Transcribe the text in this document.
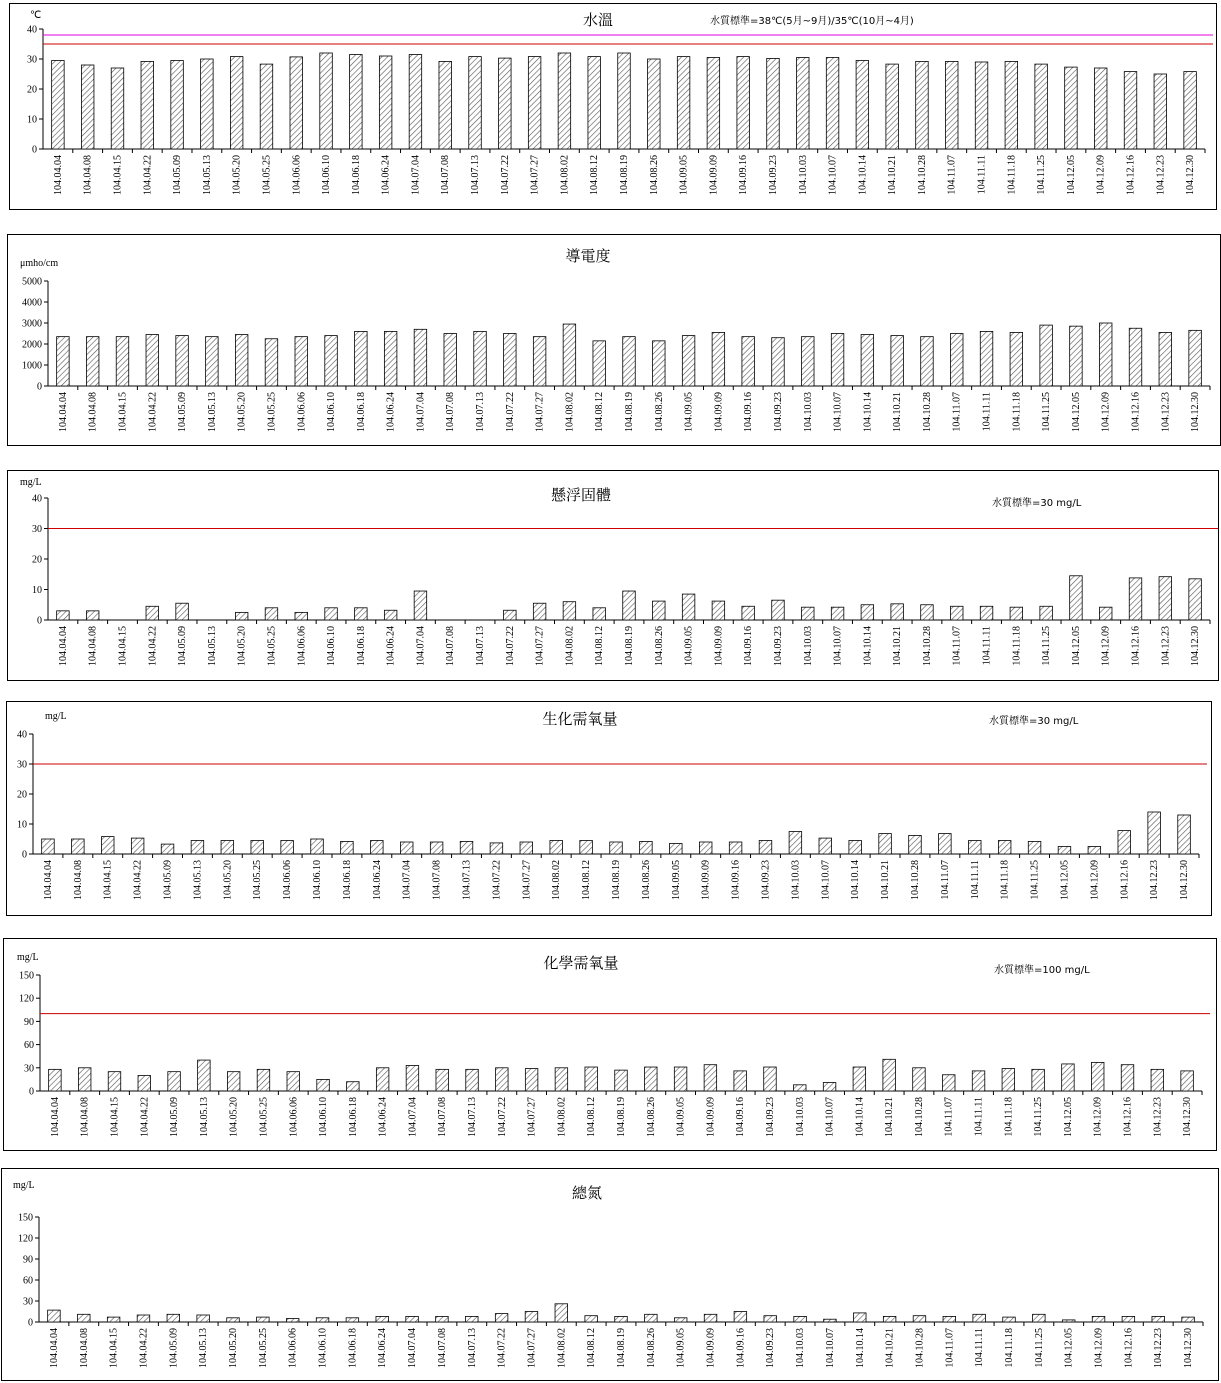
水溫	水質標準=38℃(5月~9月)/35℃(10月~4月)
℃
0
10
20
30
40
104.04.04 104.04.08 104.04.15 104.04.22 104.05.09 104.05.13 104.05.20 104.05.25 104.06.06 104.06.10 104.06.18 104.06.24 104.07.04 104.07.08 104.07.13 104.07.22 104.07.27 104.08.02 104.08.12 104.08.19 104.08.26 104.09.05 104.09.09 104.09.16 104.09.23 104.10.03 104.10.07 104.10.14 104.10.21 104.10.28 104.11.07 104.11.11 104.11.18 104.11.25 104.12.05 104.12.09 104.12.16 104.12.23 104.12.30
導電度
μmho/cm
0
1000
2000
3000
4000
5000
104.04.04 104.04.08 104.04.15 104.04.22 104.05.09 104.05.13 104.05.20 104.05.25 104.06.06 104.06.10 104.06.18 104.06.24 104.07.04 104.07.08 104.07.13 104.07.22 104.07.27 104.08.02 104.08.12 104.08.19 104.08.26 104.09.05 104.09.09 104.09.16 104.09.23 104.10.03 104.10.07 104.10.14 104.10.21 104.10.28 104.11.07 104.11.11 104.11.18 104.11.25 104.12.05 104.12.09 104.12.16 104.12.23 104.12.30
懸浮固體	水質標準=30 mg/L
mg/L
0
10
20
30
40
104.04.04 104.04.08 104.04.15 104.04.22 104.05.09 104.05.13 104.05.20 104.05.25 104.06.06 104.06.10 104.06.18 104.06.24 104.07.04 104.07.08 104.07.13 104.07.22 104.07.27 104.08.02 104.08.12 104.08.19 104.08.26 104.09.05 104.09.09 104.09.16 104.09.23 104.10.03 104.10.07 104.10.14 104.10.21 104.10.28 104.11.07 104.11.11 104.11.18 104.11.25 104.12.05 104.12.09 104.12.16 104.12.23 104.12.30
生化需氧量	水質標準=30 mg/L
mg/L
0
10
20
30
40
104.04.04 104.04.08 104.04.15 104.04.22 104.05.09 104.05.13 104.05.20 104.05.25 104.06.06 104.06.10 104.06.18 104.06.24 104.07.04 104.07.08 104.07.13 104.07.22 104.07.27 104.08.02 104.08.12 104.08.19 104.08.26 104.09.05 104.09.09 104.09.16 104.09.23 104.10.03 104.10.07 104.10.14 104.10.21 104.10.28 104.11.07 104.11.11 104.11.18 104.11.25 104.12.05 104.12.09 104.12.16 104.12.23 104.12.30
化學需氧量	水質標準=100 mg/L
mg/L
0
30
60
90
120
150
104.04.04 104.04.08 104.04.15 104.04.22 104.05.09 104.05.13 104.05.20 104.05.25 104.06.06 104.06.10 104.06.18 104.06.24 104.07.04 104.07.08 104.07.13 104.07.22 104.07.27 104.08.02 104.08.12 104.08.19 104.08.26 104.09.05 104.09.09 104.09.16 104.09.23 104.10.03 104.10.07 104.10.14 104.10.21 104.10.28 104.11.07 104.11.11 104.11.18 104.11.25 104.12.05 104.12.09 104.12.16 104.12.23 104.12.30
總氮
mg/L
0
30
60
90
120
150
104.04.04 104.04.08 104.04.15 104.04.22 104.05.09 104.05.13 104.05.20 104.05.25 104.06.06 104.06.10 104.06.18 104.06.24 104.07.04 104.07.08 104.07.13 104.07.22 104.07.27 104.08.02 104.08.12 104.08.19 104.08.26 104.09.05 104.09.09 104.09.16 104.09.23 104.10.03 104.10.07 104.10.14 104.10.21 104.10.28 104.11.07 104.11.11 104.11.18 104.11.25 104.12.05 104.12.09 104.12.16 104.12.23 104.12.30
